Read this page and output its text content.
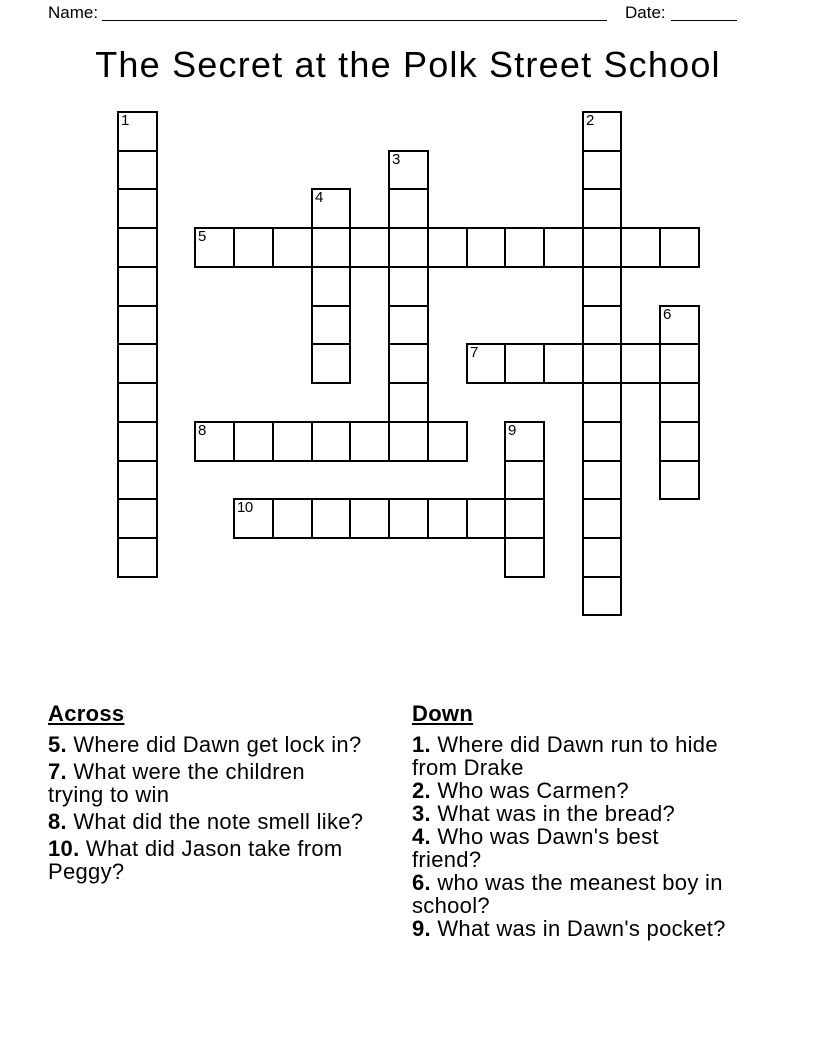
Name:	Date:
The Secret at the Polk Street School
1	2
3
4
5
6
7
8	9
10
Across
5. Where did Dawn get lock in?
7. What were the children
trying to win
8. What did the note smell like?
10. What did Jason take from
Peggy?
Down
1. Where did Dawn run to hide
from Drake
2. Who was Carmen?
3. What was in the bread?
4. Who was Dawn's best
friend?
6. who was the meanest boy in
school?
9. What was in Dawn's pocket?
